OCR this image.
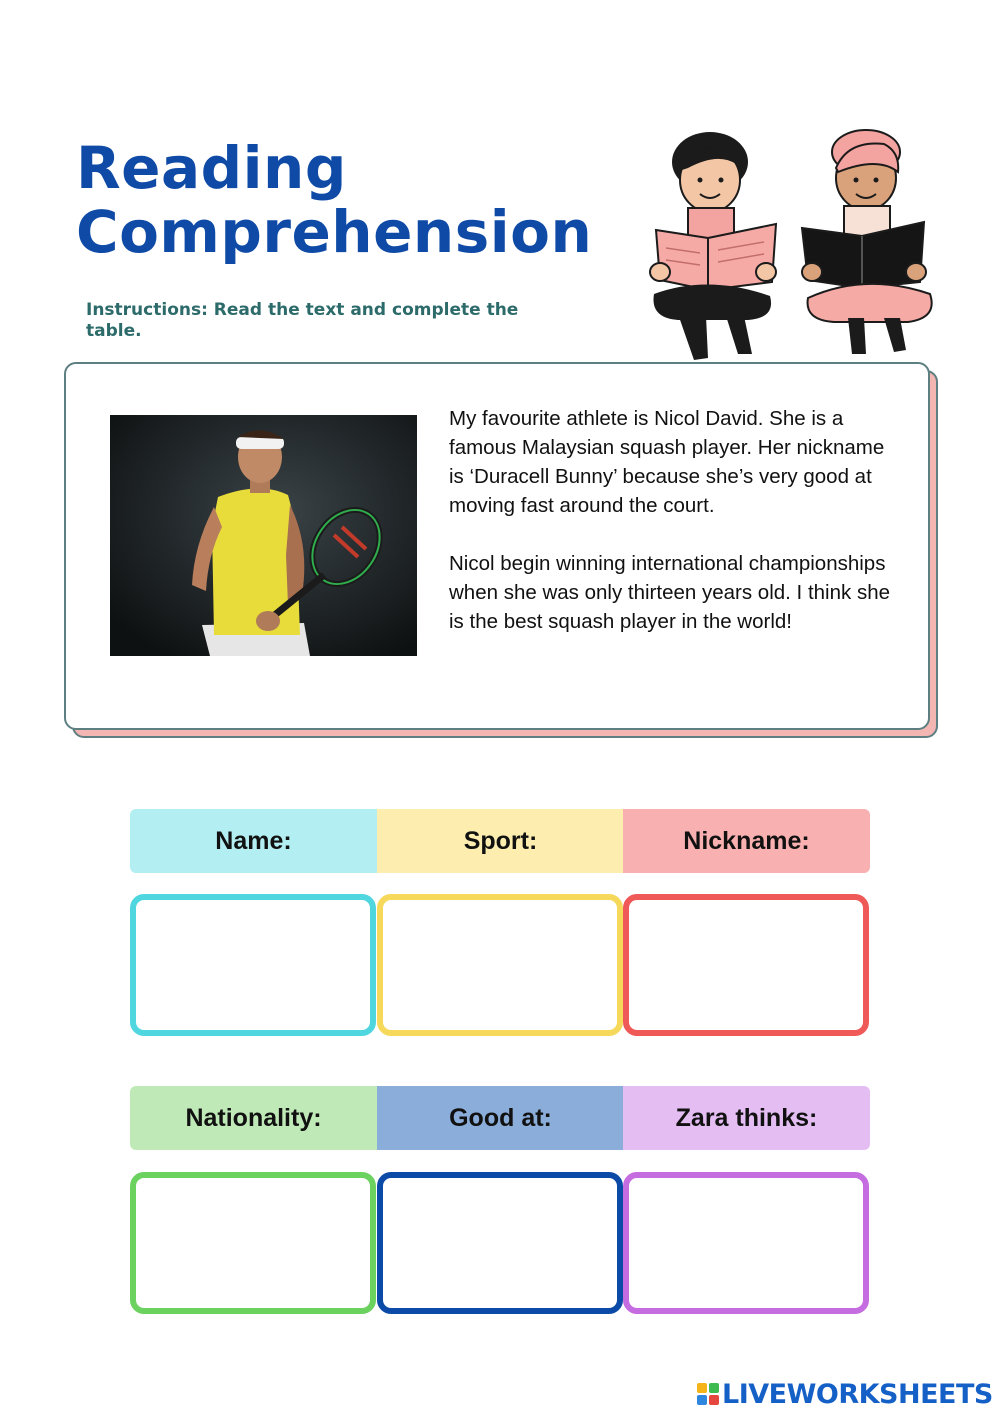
Reading
Comprehension
Instructions: Read the text and complete the table.

My favourite athlete is Nicol David. She is a famous Malaysian squash player. Her nickname is ‘Duracell Bunny’ because she’s very good at moving fast around the court.

Nicol begin winning international championships when she was only thirteen years old. I think she is the best squash player in the world!

Name:	Sport:	Nickname:
Nationality:	Good at:	Zara thinks:
LIVEWORKSHEETS
